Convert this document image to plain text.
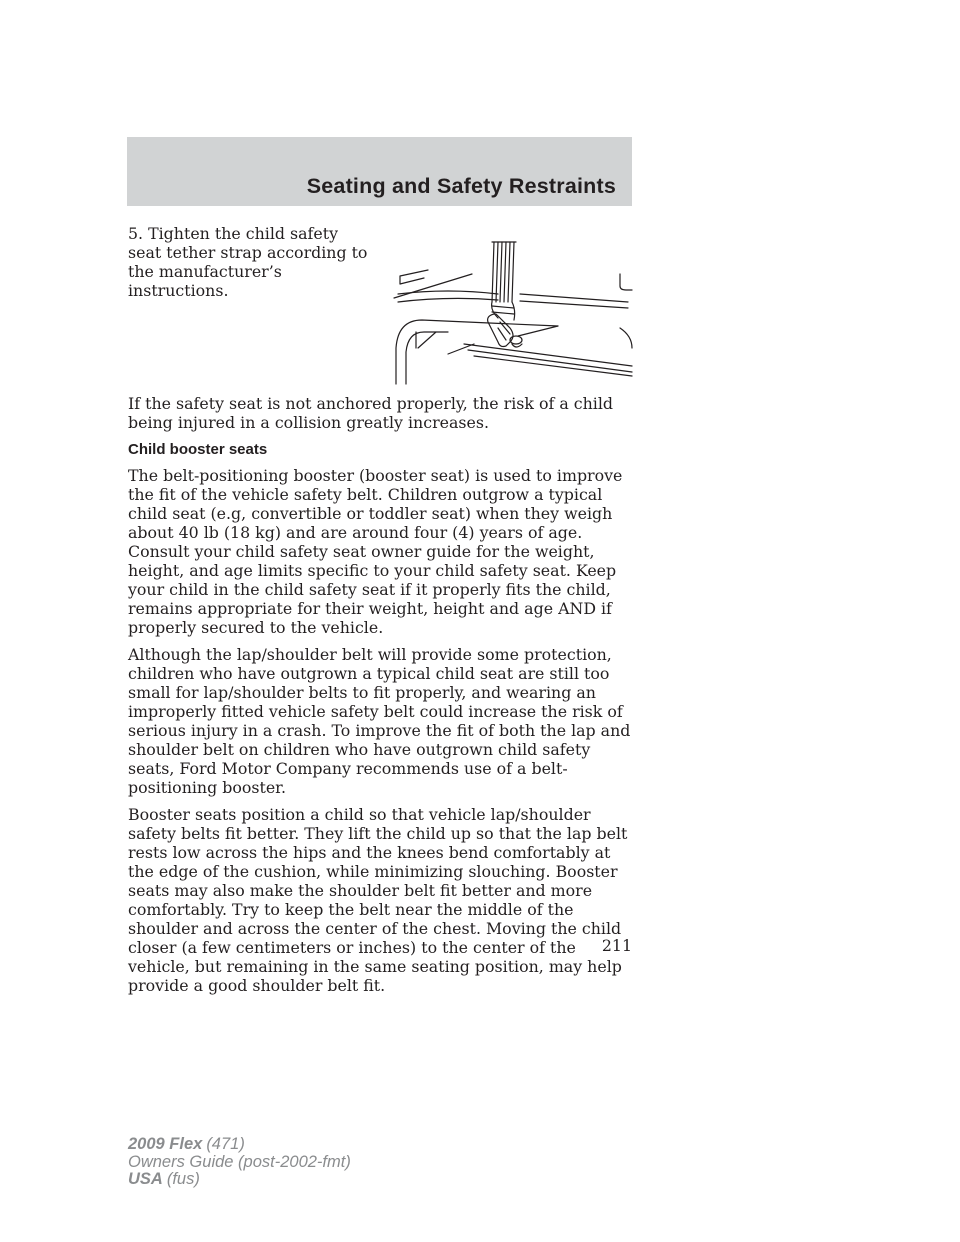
Seating and Safety Restraints
5. Tighten the child safety seat tether strap according to the manufacturer’s instructions.

If the safety seat is not anchored properly, the risk of a child being injured in a collision greatly increases.

Child booster seats

The belt-positioning booster (booster seat) is used to improve the fit of the vehicle safety belt. Children outgrow a typical child seat (e.g, convertible or toddler seat) when they weigh about 40 lb (18 kg) and are around four (4) years of age. Consult your child safety seat owner guide for the weight, height, and age limits specific to your child safety seat. Keep your child in the child safety seat if it properly fits the child, remains appropriate for their weight, height and age AND if properly secured to the vehicle.

Although the lap/shoulder belt will provide some protection, children who have outgrown a typical child seat are still too small for lap/shoulder belts to fit properly, and wearing an improperly fitted vehicle safety belt could increase the risk of serious injury in a crash. To improve the fit of both the lap and shoulder belt on children who have outgrown child safety seats, Ford Motor Company recommends use of a belt-positioning booster.

Booster seats position a child so that vehicle lap/shoulder safety belts fit better. They lift the child up so that the lap belt rests low across the hips and the knees bend comfortably at the edge of the cushion, while minimizing slouching. Booster seats may also make the shoulder belt fit better and more comfortably. Try to keep the belt near the middle of the shoulder and across the center of the chest. Moving the child closer (a few centimeters or inches) to the center of the vehicle, but remaining in the same seating position, may help provide a good shoulder belt fit.

211
2009 Flex (471)
Owners Guide (post-2002-fmt)
USA (fus)
